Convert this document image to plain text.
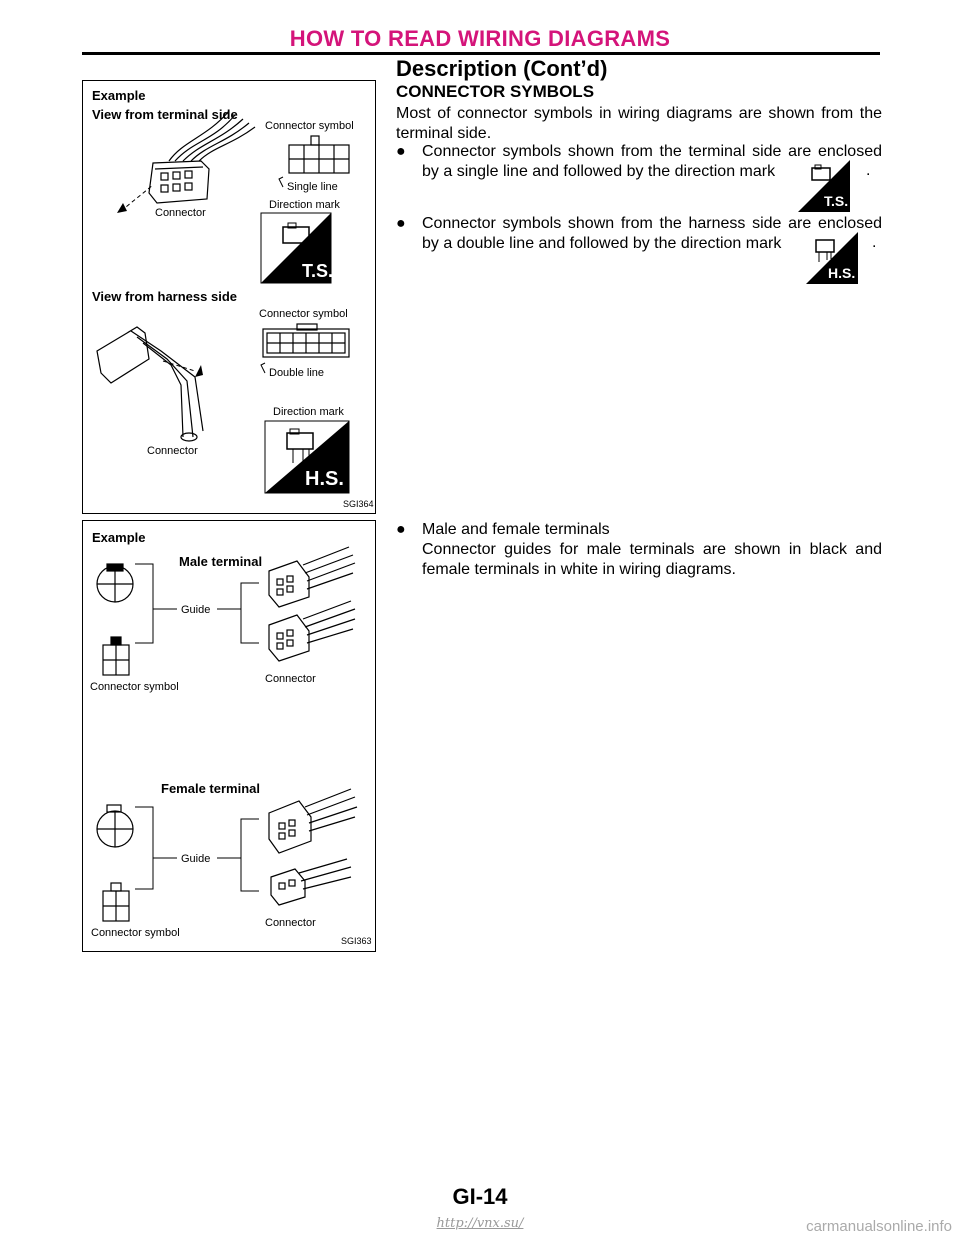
HOW TO READ WIRING DIAGRAMS
Description (Cont’d)
Example
View from terminal side
Connector symbol
Single line
Connector
Direction mark
T.S.
View from harness side
Connector symbol
Double line
Direction mark
Connector
H.S.
SGI364
Example
Male terminal
Guide
Connector symbol
Connector
Female terminal
Guide
Connector
Connector symbol
SGI363
CONNECTOR SYMBOLS
Most of connector symbols in wiring diagrams are shown from the terminal side.
● Connector symbols shown from the terminal side are enclosed by a single line and followed by the direction mark
T.S.
.
● Connector symbols shown from the harness side are enclosed by a double line and followed by the direction mark
H.S.
.
● Male and female terminals
Connector guides for male terminals are shown in black and female terminals in white in wiring diagrams.
GI-14
http://vnx.su/	carmanualsonline.info
